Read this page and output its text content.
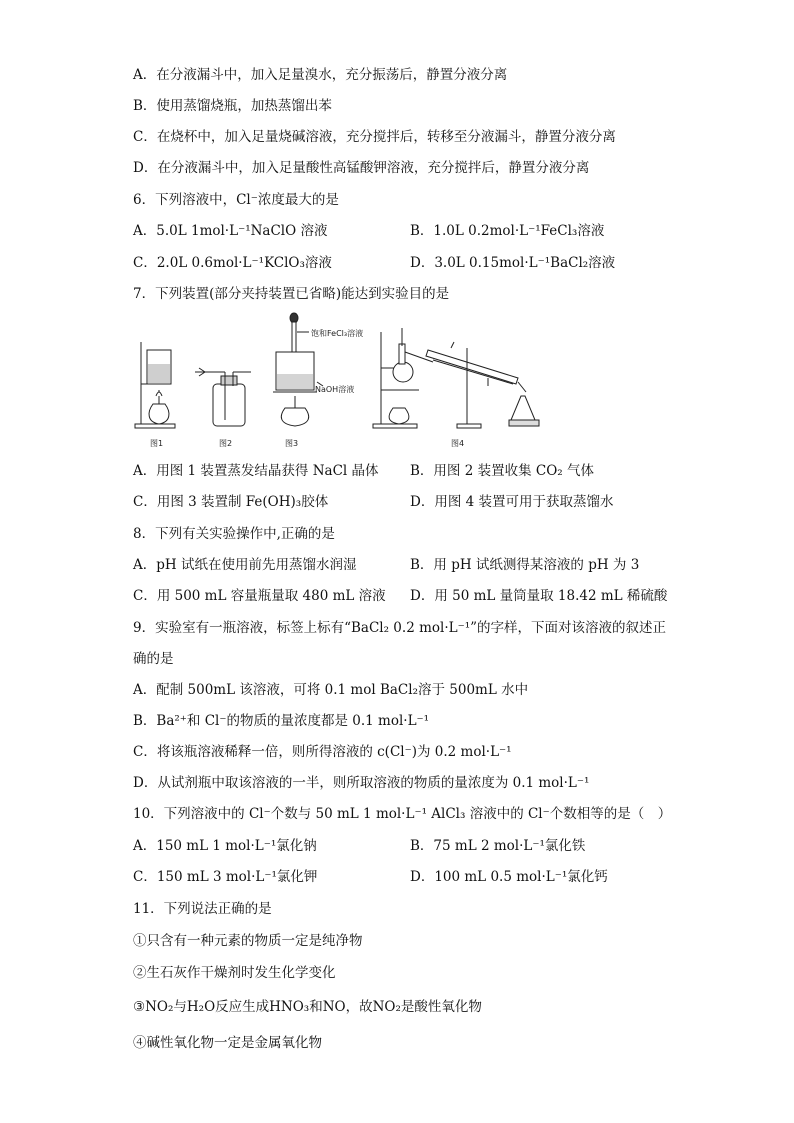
A．在分液漏斗中，加入足量溴水，充分振荡后，静置分液分离
B．使用蒸馏烧瓶，加热蒸馏出苯
C．在烧杯中，加入足量烧碱溶液，充分搅拌后，转移至分液漏斗，静置分液分离
D．在分液漏斗中，加入足量酸性高锰酸钾溶液，充分搅拌后，静置分液分离
6．下列溶液中，Cl⁻浓度最大的是
A．5.0L 1mol·L⁻¹NaClO 溶液	B．1.0L 0.2mol·L⁻¹FeCl₃溶液
C．2.0L 0.6mol·L⁻¹KClO₃溶液	D．3.0L 0.15mol·L⁻¹BaCl₂溶液
7．下列装置(部分夹持装置已省略)能达到实验目的是
图1	图2
饱和FeCl₃溶液
NaOH溶液
图3	图4
A．用图 1 装置蒸发结晶获得 NaCl 晶体 B．用图 2 装置收集 CO₂ 气体
C．用图 3 装置制 Fe(OH)₃胶体	D．用图 4 装置可用于获取蒸馏水
8．下列有关实验操作中,正确的是
A．pH 试纸在使用前先用蒸馏水润湿	B．用 pH 试纸测得某溶液的 pH 为 3
C．用 500 mL 容量瓶量取 480 mL 溶液 D．用 50 mL 量筒量取 18.42 mL 稀硫酸
9．实验室有一瓶溶液，标签上标有“BaCl₂ 0.2 mol·L⁻¹”的字样，下面对该溶液的叙述正
确的是
A．配制 500mL 该溶液，可将 0.1 mol BaCl₂溶于 500mL 水中
B．Ba²⁺和 Cl⁻的物质的量浓度都是 0.1 mol·L⁻¹
C．将该瓶溶液稀释一倍，则所得溶液的 c(Cl⁻)为 0.2 mol·L⁻¹
D．从试剂瓶中取该溶液的一半，则所取溶液的物质的量浓度为 0.1 mol·L⁻¹
10．下列溶液中的 Cl⁻个数与 50 mL 1 mol·L⁻¹ AlCl₃ 溶液中的 Cl⁻个数相等的是（　）
A．150 mL 1 mol·L⁻¹氯化钠	B．75 mL 2 mol·L⁻¹氯化铁
C．150 mL 3 mol·L⁻¹氯化钾	D．100 mL 0.5 mol·L⁻¹氯化钙
11．下列说法正确的是
①只含有一种元素的物质一定是纯净物
②生石灰作干燥剂时发生化学变化
③NO₂与H₂O反应生成HNO₃和NO，故NO₂是酸性氧化物
④碱性氧化物一定是金属氧化物
